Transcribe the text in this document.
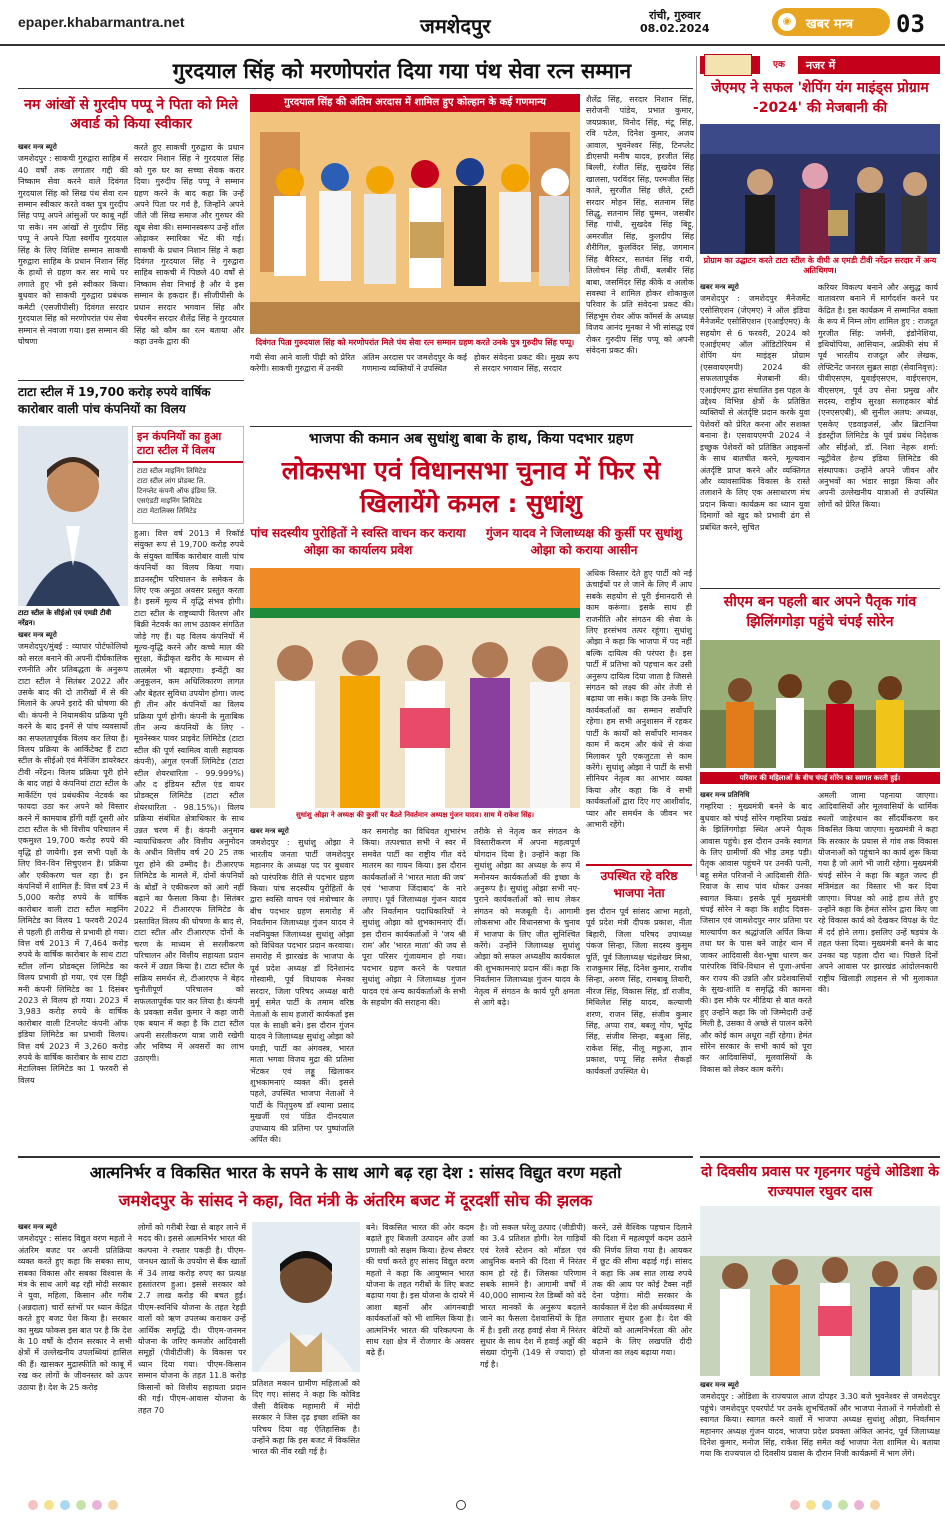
epaper.khabarmantra.net	जमशेदपुर	रांची, गुरुवार
08.02.2024
◉	खबर मन्त्र	03
गुरदयाल सिंह को मरणोपरांत दिया गया पंथ सेवा रत्न सम्मान
नम आंखों से गुरदीप पप्पू ने पिता को मिले अवार्ड को किया स्वीकार
खबर मन्त्र ब्यूरो
जमशेदपुर : साकची गुरुद्वारा साहिब में 40 वर्षों तक लगातार गद्दी की निष्काम सेवा करने वाले दिवंगत गुरदयाल सिंह को सिख पंथ सेवा रत्न सम्मान स्वीकार करते वक्त पुत्र गुरदीप सिंह पप्पू अपने आंसुओं पर काबू नहीं पा सके। नम आंखों से गुरदीप सिंह पप्पू ने अपने पिता स्वर्गीय गुरदयाल सिंह के लिए विशिष्ट सम्मान साकची गुरुद्वारा साहिब के प्रधान निशान सिंह के हाथों से ग्रहण कर सर माथे पर लगाते हुए भी इसे स्वीकार किया। बुधवार को साकची गुरुद्वारा प्रबंधक कमेटी (एसजीपीसी) दिवंगत सरदार गुरदयाल सिंह को मरणोपरांत पंथ सेवा सम्मान से नवाजा गया। इस सम्मान की घोषणा
करते हुए साकची गुरुद्वारा के प्रधान सरदार निशान सिंह ने गुरदयाल सिंह को गुरु घर का सच्चा सेवक करार दिया। गुरुदीप सिंह पप्पू ने सम्मान ग्रहण करने के बाद कहा कि उन्हें अपने पिता पर गर्व है, जिन्होंने अपने जीते जी सिख समाज और गुरुघर की खूब सेवा की। सम्मानस्वरूप उन्हें शॉल ओढ़ाकर स्मारिका भेंट की गई। साकची के प्रधान निशान सिंह ने कहा दिवंगत गुरदयाल सिंह ने गुरुद्वारा साहिब साकची में पिछले 40 वर्षों से निष्काम सेवा निभाई है और ये इस सम्मान के हकदार हैं। सीजीपीसी के प्रधान सरदार भगवान सिंह और चेयरमैन सरदार शैलेंद्र सिंह ने गुरदयाल सिंह को कौम का रत्न बताया और कहा उनके द्वारा की
गुरदयाल सिंह की अंतिम अरदास में शामिल हुए कोल्हान के कई गणमान्य
दिवंगत पिता गुरुदयाल सिंह को मरणोपरांत मिले पंथ सेवा रत्न सम्मान ग्रहण करते उनके पुत्र गुरुदीप सिंह पप्पू।
गयी सेवा आने वाली पीढ़ी को प्रेरित करेगी। साकची गुरुद्वारा में उनकी
अंतिम अरदास पर जमशेदपुर के कई गणमान्य व्यक्तियों ने उपस्थित
होकर संवेदना प्रकट की। मुख्य रूप से सरदार भगवान सिंह, सरदार
शैलेंद्र सिंह, सरदार निशान सिंह, सरोजनी पांडेय, प्रभात कुमार, जयप्रकाश, विनोद सिंह, मंटू सिंह, रवि पटेल, दिनेश कुमार, अजय आवाल, भुवनेश्वर सिंह, टिनप्लेट डीएसपी मनीष यादव, हरजीत सिंह बिल्ली, रंजीत सिंह, सुखदेव सिंह खालसा, परविंदर सिंह, परमजीत सिंह काले, सुरजीत सिंह छीते, ट्रस्टी सरदार मोहन सिंह, सतनाम सिंह सिद्धु, सतनाम सिंह घुम्मन, जसबीर सिंह गांधी, सुखदेव सिंह बिट्टू, अमरजीत सिंह, कुलदीप सिंह शैरीगिल, कुलविंदर सिंह, जगमान सिंह बैरिस्टर, सतवंत सिंह रायी, तिलोचन सिंह तीर्थी, बलबीर सिंह बाबा, जसमिंदर सिंह कीके व अलोक सवस्था ने शामिल होकर शोकाकुल परिवार के प्रति संवेदना प्रकट की। सिंहभूम रोवर ऑफ कॉमर्स के अध्यक्ष विजय आनंद मूनका ने भी सांसद्ध एवं रोकर गुरुदीप सिंह पप्पू को अपनी संवेदना प्रकट की।
एक	नजर में
जेएमए ने सफल 'शेपिंग यंग माइंड्स प्रोग्राम -2024' की मेजबानी की
प्रोग्राम का उद्घाटन करते टाटा स्टील के वीपी अ एमडी टीवी नरेंद्रन सरदार में अन्य अतिथिगण।
खबर मन्त्र ब्यूरो
जमशेदपुर : जमशेदपुर मैनेजमेंट एसोसिएशन (जेएमए) ने ऑल इंडिया मैनेजमेंट एसोसिएशन (एआईएमए) के सहयोग से 6 फरवरी, 2024 को एआईएमए ऑल ऑडिटोरियम में शेपिंग यंग माइंड्स प्रोग्राम (एसवायएमपी) 2024 की सफलतापूर्वक मेजबानी की। एआईएमए द्वारा संचालित इस पहल के उद्देश्य विभिन्न क्षेत्रों के प्रतिष्ठित व्यक्तियों से अंतर्दृष्टि प्रदान करके युवा पेशेवरों को प्रेरित करना और सशक्त बनाना है। एसवायएमपी 2024 ने इच्छुक पेशेवरों को प्रतिष्ठित आइकनों के साथ बातचीत करने, मूल्यवान अंतर्दृष्टि प्राप्त करने और व्यक्तिगत और व्यावसायिक विकास के रास्ते तलाशने के लिए एक असाधारण मंच प्रदान किया। कार्यक्रम का ध्यान युवा दिमागों को खुद को प्रभावी ढंग से प्रबंधित करने, सुचित
करियर विकल्प बनाने और असुद्ध कार्य वातावरण बनाने में मार्गदर्शन करने पर केंद्रित है। इस कार्यक्रम में सम्मानित वक्ता के रूप में निम्न लोग शामिल हुए : राजदूत गुरजीत सिंह: जर्मनी, इंडोनेशिया, इथियोपिया, आसियान, अफ्रीकी संघ में पूर्व भारतीय राजदूत और लेखक, लेफ्टिनेंट जनरल सुब्रत साहा (सेवानिवृत्त): पीवीएसएम, यूवाईएसएम, वाईएसएम, वीएसएम, पूर्व उप सेना प्रमुख और सदस्य, राष्ट्रीय सुरक्षा सलाहकार बोर्ड (एनएसएबी), श्री सुनील अलघ: अध्यक्ष, एसकेए एडवाइजर्स, और ब्रिटानिया इंडस्ट्रीज लिमिटेड के पूर्व प्रबंध निदेशक और सीईओ, डॉ. निशा नेहरू शर्मा: न्यूट्रीवेल हेल्थ इंडिया लिमिटेड की संस्थापक। उन्होंने अपने जीवन और अनुभवों का भंडार साझा किया और अपनी उल्लेखनीय यात्राओं से उपस्थित लोगों को प्रेरित किया।
सीएम बन पहली बार अपने पैतृक गांव झिलिंगगोड़ा पहुंचे चंपई सोरेन
परिवार की महिलाओं के बीच चंपई सोरेन का स्वागत करती हुई।
खबर मन्त्र प्रतिनिधि
गम्हरिया : मुख्यमंत्री बनने के बाद बुधवार को चंपई सोरेन गम्हरिया प्रखंड के झिलिंगगोड़ा स्थित अपने पैतृक आवास पहुंचे। इस दौरान उनके स्वागत के लिए ग्रामीणों की भीड़ उमड़ पड़ी। पैतृक आवास पहुंचने पर उनकी पत्नी, बहू समेत परिजनों ने आदिवासी रीति-रिवाज के साथ पांव धोकर उनका स्वागत किया। इसके पूर्व मुख्यमंत्री चंपई सोरेन ने कहा कि शहीद दिवस-जिसान एवं जामशेदपुर नगर प्रतिमा पर माल्यार्पण कर श्रद्धांजलि अर्पित किया तथा घर के पास बने जाहेर थान में जाकर आदिवासी वेश-भूषा धारण कर पारंपरिक विधि-विधान से पूजा-अर्चना कर राज्य की उन्नति और प्रदेशवासियों के सुख-शांति व समृद्धि की कामना की। इस मौके पर मीडिया से बात करते हुए उन्होंने कहा कि जो जिम्मेदारी उन्हें मिली है, उसका वे अच्छे से पालन करेंगे और कोई काम अधूरा नहीं रहेगा। हेमंत सोरेन सरकार के सभी कार्य को पूरा कर आदिवासियों, मूलवासियों के विकास को लेकर काम करेंगे।
अमली जामा पहनाया जाएगा। आदिवासियों और मूलवासियों के धार्मिक स्थलों जाहेरथान का सौंदर्यीकरण कर विकसित किया जाएगा। मुख्यमंत्री ने कहा कि सरकार के प्रयास से गांव तक विकास योजनाओं को पहुंचाने का कार्य शुरू किया गया है जो आगे भी जारी रहेगा। मुख्यमंत्री चंपई सोरेन ने कहा कि बहुत जल्द ही मंत्रिमंडल का विस्तार भी कर दिया जाएगा। विपक्ष को आड़े हाथ लेते हुए उन्होंने कहा कि हेमंत सोरेन द्वारा किए जा रहे विकास कार्य को देखकर विपक्ष के पेट में दर्द होने लगा। इसलिए उन्हें षड़यंत्र के तहत फंसा दिया। मुख्यमंत्री बनने के बाद उनका यह पहला दौरा था। पिछले दिनों अपने आवास पर झारखंड आंदोलनकारी राष्ट्रीय खिलाड़ी लाइसन से भी मुलाकात की।
टाटा स्टील में 19,700 करोड़ रुपये वार्षिक कारोबार वाली पांच कंपनियों का विलय
टाटा स्टील के सीईओ एवं एमडी टीवी नरेंद्रन।
इन कंपनियों का हुआ टाटा स्टील में विलय
टाटा स्टील माइनिंग लिमिटेड
टाटा स्टील लांग प्रोडक्ट लि.
टिनप्लेट कंपनी ऑफ इंडिया लि.
एसएंडटी माइनिंग लिमिटेड
टाटा मेटालिक्स लिमिटेड
खबर मन्त्र ब्यूरो
जमशेदपुर/मुंबई : व्यापार पोर्टफोलियो को सरल बनाने की अपनी दीर्घकालिक रणनीति और प्रतिबद्धता के अनुरूप टाटा स्टील ने सितंबर 2022 और उसके बाद की दो तारीखों में से की मिलाने के अपने इरादे की घोषणा की थी। कंपनी ने नियामकीय प्रक्रिया पूरी करने के बाद इनमें से पांच व्यवसायों का सफलतापूर्वक विलय कर लिया है। विलय प्रक्रिया के आर्किटेक्ट हैं टाटा स्टील के सीईओ एवं मैनेजिंग डायरेक्टर टीवी नरेंद्रन। विलय प्रक्रिया पूरी होने के बाद जहां ये कंपनियां टाटा स्टील के मार्केटिंग एवं प्रबंधकीय नेटवर्क का फायदा उठा कर अपने को विस्तार करने में कामयाब होंगी वहीं दूसरी ओर टाटा स्टील के भी वित्तीय परिचालन में एकमुश्त 19,700 करोड़ रुपये की वृद्धि हो जायेगी। इस सभी पक्षों के लिए विन-विन सिचुएशन है। प्रक्रिया और एकीकरण चल रहा है। इन कंपनियों में शामिल हैं: वित्त वर्ष 23 में 5,000 करोड़ रुपये के वार्षिक कारोबार वाली टाटा स्टील माइनिंग लिमिटेड का विलय 1 फरवरी 2024 से पहली ही तारीख से प्रभावी हो गया। वित्त वर्ष 2013 में 7,464 करोड़ रुपये के वार्षिक कारोबार के साथ टाटा स्टील लॉन्ग प्रोडक्ट्स लिमिटेड का विलय प्रभावी हो गया, एवं एस डिट्टी मनी कंपनी लिमिटेड का 1 दिसंबर 2023 से विलय हो गया। 2023 में 3,983 करोड़ रुपये के वार्षिक कारोबार वाली टिनप्लेट कंपनी ऑफ इंडिया लिमिटेड का प्रभावी विलय। वित्त वर्ष 2023 में 3,260 करोड़ रुपये के वार्षिक कारोबार के साथ टाटा मेटालिक्स लिमिटेड का 1 फरवरी से विलय
हुआ। वित्त वर्ष 2013 में रिकॉर्ड संयुक्त रूप से 19,700 करोड़ रुपये के संयुक्त वार्षिक कारोबार वाली पांच कंपनियों का विलय किया गया। डाउनस्ट्रीम परिचालन के समेकन के लिए एक अनूठा अवसर प्रस्तुत करता है। इसमें मूल्य में वृद्धि संभव होगी। टाटा स्टील के राष्ट्रव्यापी वितरण और बिक्री नेटवर्क का लाभ उठाकर संगठित जोड़े गए हैं। यह विलय कंपनियों में मूल्य-वृद्धि करने और कच्चे माल की सुरक्षा, केंद्रीकृत खरीद के माध्यम से तालमेल भी बढ़ाएगा। इन्वेंट्री का अनुकूलन, कम अधिलिकारण लागत और बेहतर सुविधा उपयोग होगा। जल्द ही तीन और कंपनियों का विलय प्रक्रिया पूर्ण होगी। कंपनी के मुताबिक तीन अन्य कंपनियों के लिए - मूवनेस्कर पावर प्राइवेट लिमिटेड (टाटा स्टील की पूर्ण स्वामित्व वाली सहायक कंपनी), अंगुल एनर्जी लिमिटेड (टाटा स्टील शेयरधारिता - 99.999%) और द इंडियन स्टील एंड वायर प्रोडक्ट्स लिमिटेड (टाटा स्टील शेयरधारिता - 98.15%)। विलय प्रक्रिया संबंधित क्षेत्राधिकार के साथ उन्नत चरण में है। कंपनी अनुमान न्यायाधिकरण और वित्तीय अनुमोदन के अधीन वित्तीय वर्ष 20 25 तक पूरा होने की उम्मीद है। टीआरएफ लिमिटेड के मामले में, दोनों कंपनियों के बोर्डों ने एकीकरण को आगे नहीं बढ़ाने का फैसला किया है। सितंबर 2022 में टीआरएफ लिमिटेड के प्रस्तावित विलय की घोषणा के बाद से, टाटा स्टील और टीआरएफ दोनों के चरण के माध्यम से सरलीकरण परिचालन और वित्तीय सहायता प्रदान करने में उद्यत किया है। टाटा स्टील के सक्रिय समर्थन से, टीआरएफ ने बेहद चुनौतीपूर्ण परिचालन को सफलतापूर्वक पार कर लिया है। कंपनी के प्रवक्ता सर्वेश कुमार ने कहा जारी एक बयान में कहा है कि टाटा स्टील अपनी सरलीकरण यात्रा जारी रखेगी और भविष्य में अवसरों का लाभ उठाएगी।
भाजपा की कमान अब सुधांशु बाबा के हाथ, किया पदभार ग्रहण
लोकसभा एवं विधानसभा चुनाव में फिर से खिलायेंगे कमल : सुधांशु
पांच सदस्यीय पुरोहितों ने स्वस्ति वाचन कर कराया ओझा का कार्यालय प्रवेश
गुंजन यादव ने जिलाध्यक्ष की कुर्सी पर सुधांशु ओझा को कराया आसीन
सुधांशु ओझा ने अध्यक्ष की कुर्सी पर बैठते निवर्तमान अध्यक्ष गुंजन यादव। साथ में राकेश सिंह।
अधिक विस्तार देते हुए पार्टी को नई ऊंचाईयों पर ले जाने के लिए मैं आप सबके सहयोग से पूरी ईमानदारी से काम करूंगा। इसके साथ ही राजनीति और संगठन की सेवा के लिए हरसंभव तत्पर रहूंगा। सुधांशु ओझा ने कहा कि भाजपा में पद नहीं बल्कि दायित्व की परंपरा है। इस पार्टी में प्रतिभा को पहचान कर उसी अनुरूप दायित्व दिया जाता है जिससे संगठन को लक्ष्य की ओर तेजी से बढ़ाया जा सके। कहा कि उनके लिए कार्यकर्ताओं का सम्मान सर्वोपरि रहेगा। हम सभी अनुशासन में रहकर पार्टी के कार्यों को सर्वोपरि मानकर काम में कदम और कंधे से कंधा मिलाकर पूरी एकजुटता से काम करेंगे। सुधांशु ओझा ने पार्टी के सभी सीनियर नेतृत्व का आभार व्यक्त किया और कहा कि वे सभी कार्यकर्ताओं द्वारा दिए गए आशीर्वाद, प्यार और समर्थन के जीवन भर आभारी रहेंगे।
खबर मन्त्र ब्यूरो
जमशेदपुर : सुधांशु ओझा ने भारतीय जनता पार्टी जमशेदपुर महानगर के अध्यक्ष पद पर बुधवार को पारंपरिक रीति से पदभार ग्रहण किया। पांच सदस्यीय पुरोहितों के द्वारा स्वस्ति वाचन एवं मंत्रोच्चार के बीच पदभार ग्रहण समारोह में निवर्तमान जिलाध्यक्ष गुंजन यादव ने नवनियुक्त जिलाध्यक्ष सुधांशु ओझा को विधिवत पदभार प्रदान करवाया। समारोह में झारखंड के भाजपा के पूर्व प्रदेश अध्यक्ष डॉ दिनेशानंद गोस्वामी, पूर्व विधायक मेनका सरदार, जिला परिषद अध्यक्ष बारी मुर्मू समेत पार्टी के तमाम वरिष्ठ नेताओं के साथ हजारों कार्यकर्ता इस पल के साक्षी बने। इस दौरान गुंजन यादव ने जिलाध्यक्ष सुधांशु ओझा को पगड़ी, पार्टी का अंगवस्त्र, भारत माता भगवा विजय मुद्रा की प्रतिमा भेंटकर एवं लड्डू खिलाकर शुभकामनाएं व्यक्त कीं। इससे पहले, उपस्थित भाजपा नेताओं ने पार्टी के पितृपुरुष डॉ श्यामा प्रसाद मुखर्जी एवं पंडित दीनदयाल उपाध्याय की प्रतिमा पर पुष्पांजलि अर्पित की।
कर समारोह का विधिवत शुभारंभ किया। तत्पश्चात सभी ने स्वर में समवेत पार्टी का राष्ट्रीय गीत वंदे मातरम का गायन किया। इस दौरान कार्यकर्ताओं ने 'भारत माता की जय' एवं 'भाजपा जिंदाबाद' के नारे लगाए। पूर्व जिलाध्यक्ष गुंजन यादव और निवर्तमान पदाधिकारियों ने सुधांशु ओझा को शुभकामनाएं दीं। इस दौरान कार्यकर्ताओं ने 'जय श्री राम' और 'भारत माता' की जय से पूरा परिसर गूंजायमान हो गया। पदभार ग्रहण करने के पश्चात सुधांशु ओझा ने जिलाध्यक्ष गुंजन यादव एवं अन्य कार्यकर्ताओं के सभी के सहयोग की सराहना की।
तरीके से नेतृत्व कर संगठन के विस्तारीकरण में अपना महत्वपूर्ण योगदान दिया है। उन्होंने कहा कि सुधांशु ओझा का अध्यक्ष के रूप में मनोनयन कार्यकर्ताओं की इच्छा के अनुरूप है। सुधांशु ओझा सभी नए-पुराने कार्यकर्ताओं को साथ लेकर संगठन को मजबूती दें। आगामी लोकसभा और विधानसभा के चुनाव में भाजपा के लिए जीत सुनिश्चित करेंगे। उन्होंने जिलाध्यक्ष सुधांशु ओझा को सफल अध्यक्षीय कार्यकाल की शुभकामनाएं प्रदान कीं। कहा कि निवर्तमान जिलाध्यक्ष गुंजन यादव के नेतृत्व में संगठन के कार्य पूरी क्षमता से आगे बढ़े।
उपस्थित रहे वरिष्ठ भाजपा नेता
इस दौरान पूर्व सांसद आभा महतो, पूर्व प्रदेश मंत्री दीपक प्रकाश, नीता बिहारी, जिला परिषद उपाध्यक्ष पंकज सिन्हा, जिला सदस्य कुसुम पूर्ति, पूर्व जिलाध्यक्ष चंद्रशेखर मिश्रा, राजकुमार सिंह, दिनेश कुमार, राजीव सिन्हा, अरुण सिंह, रामबाबू तिवारी, नीरज सिंह, विकास सिंह, डॉ राजीव, मिथिलेश सिंह यादव, कल्याणी शरण, राजन सिंह, संजीव कुमार सिंह, अप्पा राव, बबलू गोप, भूपेंद्र सिंह, संजीव सिन्हा, बबुआ सिंह, राकेश सिंह, नीलू मछुआ, ज्ञान प्रकाश, पप्पू सिंह समेत सैकड़ों कार्यकर्ता उपस्थित थे।
आत्मनिर्भर व विकसित भारत के सपने के साथ आगे बढ़ रहा देश : सांसद विद्युत वरण महतो
जमशेदपुर के सांसद ने कहा, वित मंत्री के अंतरिम बजट में दूरदर्शी सोच की झलक
खबर मन्त्र ब्यूरो
जमशेदपुर : सांसद विद्युत वरण महतो ने अंतरिम बजट पर अपनी प्रतिक्रिया व्यक्त करते हुए कहा कि सबका साथ, सबका विकास और सबका विश्वास के मंत्र के साथ आगे बढ़ रही मोदी सरकार ने युवा, महिला, किसान और गरीब (अन्नदाता) चारों स्तंभों पर ध्यान केंद्रित करते हुए बजट पेश किया है। सरकार का मुख्य फोकस इस बात पर है कि देश के 10 वर्षों के दौरान सरकार ने सभी क्षेत्रों में उल्लेखनीय उपलब्धियां हासिल की हैं। खासकर मुद्रास्फीति को काबू में रख कर लोगों के जीवनस्तर को ऊपर उठाया है। देश के 25 करोड़
लोगों को गरीबी रेखा से बाहर लाने में मदद की। इससे आत्मनिर्भर भारत की कल्पना ने रफ्तार पकड़ी है। पीएम-जनधन खातों के उपयोग से बैंक खातों में 34 लाख करोड़ रुपए का प्रत्यक्ष हस्तांतरण हुआ। इससे सरकार को 2.7 लाख करोड़ की बचत हुई। पीएम-स्वनिधि योजना के तहत रेहड़ी वालों को ऋण उपलब्ध कराकर उन्हें आर्थिक समृद्धि दी। पीएम-जनमन योजना के जरिए कमजोर आदिवासी समूहों (पीवीटीजी) के विकास पर ध्यान दिया गया। पीएम-किसान सम्मान योजना के तहत 11.8 करोड़ किसानों को वित्तीय सहायता प्रदान की गई। पीएम-आवास योजना के तहत 70
प्रतिशत मकान ग्रामीण महिलाओं को दिए गए। सांसद ने कहा कि कोविड जैसी वैश्विक महामारी में मोदी सरकार ने जिस दृढ़ इच्छा शक्ति का परिचय दिया वह ऐतिहासिक है। उन्होंने कहा कि इस बजट में विकसित भारत की नींव रखी गई है।
बने। विकसित भारत की ओर कदम बढ़ाते हुए बिजली उत्पादन और उर्जा प्रणाली को सक्षम किया। हेल्थ सेक्टर की चर्चा करते हुए सांसद विद्युत वरण महतो ने कहा कि आयुष्मान भारत योजना के तहत गरीबों के लिए बजट बढ़ाया गया है। इस योजना के दायरे में आशा बहनों और आंगनबाड़ी कार्यकर्ताओं को भी शामिल किया है। आत्मनिर्भर भारत की परिकल्पना के साथ रक्षा क्षेत्र में रोजगार के अवसर बढ़े हैं।
है। जो सकल घरेलू उत्पाद (जीडीपी) का 3.4 प्रतिशत होगी। रेल गाड़ियों एवं रेलवे स्टेशन को मॉडल एवं आधुनिक बनाने की दिशा में निरंतर काम हो रहे हैं। जिसका परिणाम सबके सामने है। आगामी वर्षों में 40,000 सामान्य रेल डिब्बों को वंदे भारत मानकों के अनुरूप बदलने जाने का फैसला देशवासियों के हित में है। इसी तरह हवाई सेवा में निरंतर सुधार के साथ देश में हवाई अड्डों की संख्या दोगुनी (149 से ज्यादा) हो गई है।
करने, उसे वैश्विक पहचान दिलाने की दिशा में महत्वपूर्ण कदम उठाने की निर्णय लिया गया है। आयकर में छूट की सीमा बढ़ाई गई। सांसद ने कहा कि अब सात लाख रुपये तक की आय पर कोई टैक्स नहीं देना पड़ेगा। मोदी सरकार के कार्यकाल में देश की अर्थव्यवस्था में लगातार सुधार हुआ है। देश की बेटियों को आत्मनिर्भरता की ओर बढ़ाने के लिए लखपति दीदी योजना का लक्ष्य बढ़ाया गया।
दो दिवसीय प्रवास पर गृहनगर पहुंचे ओडिशा के राज्यपाल रघुवर दास
खबर मन्त्र ब्यूरो
जमशेदपुर : ओडिशा के राज्यपाल आज दोपहर 3.30 बजे भुवनेश्वर से जमशेदपुर पहुंचे। जमशेदपुर एयरपोर्ट पर उनके शुभचिंतकों और भाजपा नेताओं ने गर्मजोशी से स्वागत किया। स्वागत करने वालों में भाजपा अध्यक्ष सुधांशु ओझा, निवर्तमान महानगर अध्यक्ष गुंजन यादव, भाजपा प्रदेश प्रवक्ता अंकित आनंद, पूर्व जिलाध्यक्ष दिनेश कुमार, मनोज सिंह, राकेश सिंह समेत कई भाजपा नेता शामिल थे। बताया गया कि राज्यपाल दो दिवसीय प्रवास के दौरान निजी कार्यक्रमों में भाग लेंगे।
